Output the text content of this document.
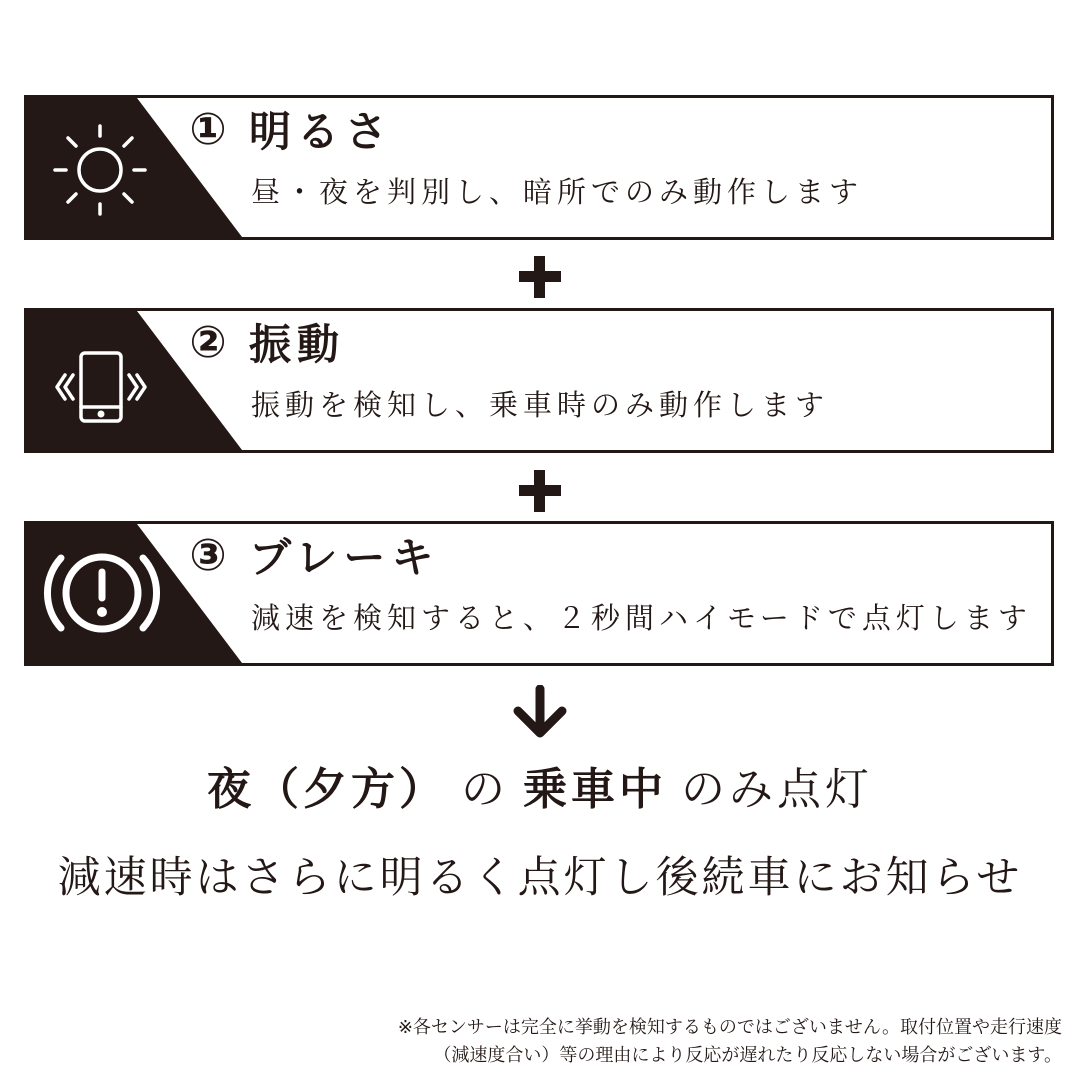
① 明るさ
昼・夜を判別し、暗所でのみ動作します
② 振動
振動を検知し、乗車時のみ動作します
③ ブレーキ
減速を検知すると、２秒間ハイモードで点灯します
夜（夕方） の 乗車中 のみ点灯
減速時はさらに明るく点灯し後続車にお知らせ
※各センサーは完全に挙動を検知するものではございません。取付位置や走行速度
（減速度合い）等の理由により反応が遅れたり反応しない場合がございます。
